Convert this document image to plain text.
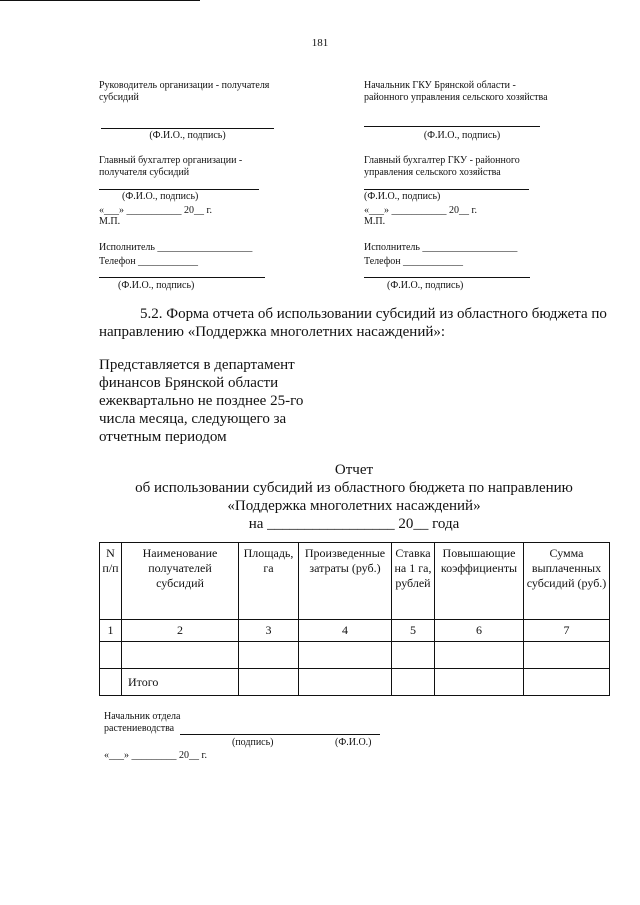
181
Руководитель организации - получателя субсидий
(Ф.И.О., подпись)
Главный бухгалтер организации - получателя субсидий
(Ф.И.О., подпись)
«___» ___________ 20__ г.
М.П.
Исполнитель ___________________
Телефон ____________
(Ф.И.О., подпись)
Начальник ГКУ Брянской области - районного управления сельского хозяйства
(Ф.И.О., подпись)
Главный бухгалтер ГКУ - районного управления сельского хозяйства
(Ф.И.О., подпись)
«___» ___________ 20__ г.
М.П.
Исполнитель ___________________
Телефон ____________
(Ф.И.О., подпись)
5.2. Форма отчета об использовании субсидий из областного бюджета по
направлению «Поддержка многолетних насаждений»:
Представляется в департамент
финансов Брянской области
ежеквартально не позднее 25-го
числа месяца, следующего за
отчетным периодом
Отчет
об использовании субсидий из областного бюджета по направлению
«Поддержка многолетних насаждений»
на _________________ 20__ года
N п/п	Наименование получателей субсидий	Площадь, га	Произведенные затраты (руб.)	Ставка на 1 га, рублей	Повышающие коэффициенты	Сумма выплаченных субсидий (руб.)
1	2	3	4	5	6	7

	Итого					
Начальник отдела
растениеводства
(подпись)	(Ф.И.О.)
«___» _________ 20__ г.
